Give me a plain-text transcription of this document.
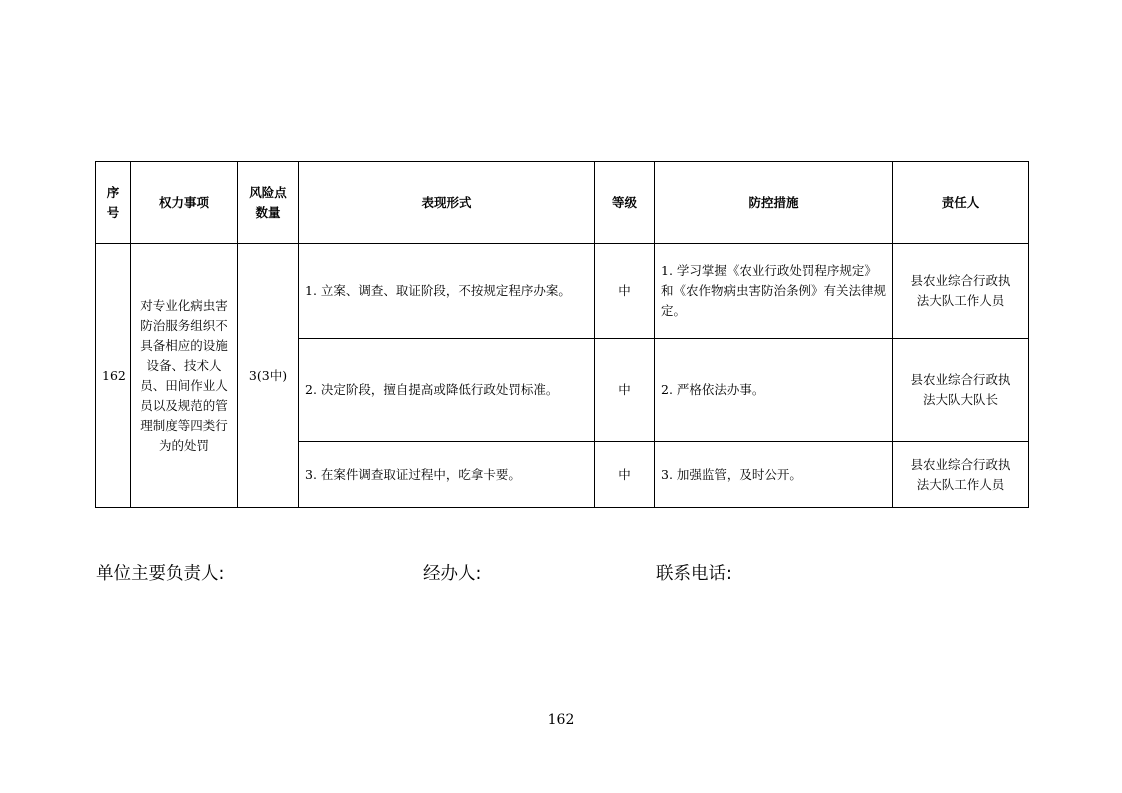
序号	权力事项	风险点数量	表现形式	等级	防控措施	责任人
162	对专业化病虫害防治服务组织不具备相应的设施设备、技术人员、田间作业人员以及规范的管理制度等四类行为的处罚	3(3中)	1. 立案、调查、取证阶段，不按规定程序办案。	中	1. 学习掌握《农业行政处罚程序规定》和《农作物病虫害防治条例》有关法律规定。	县农业综合行政执法大队工作人员
			2. 决定阶段，擅自提高或降低行政处罚标准。	中	2. 严格依法办事。	县农业综合行政执法大队大队长
			3. 在案件调查取证过程中，吃拿卡要。	中	3. 加强监管，及时公开。	县农业综合行政执法大队工作人员
单位主要负责人:	经办人:	联系电话:
162
